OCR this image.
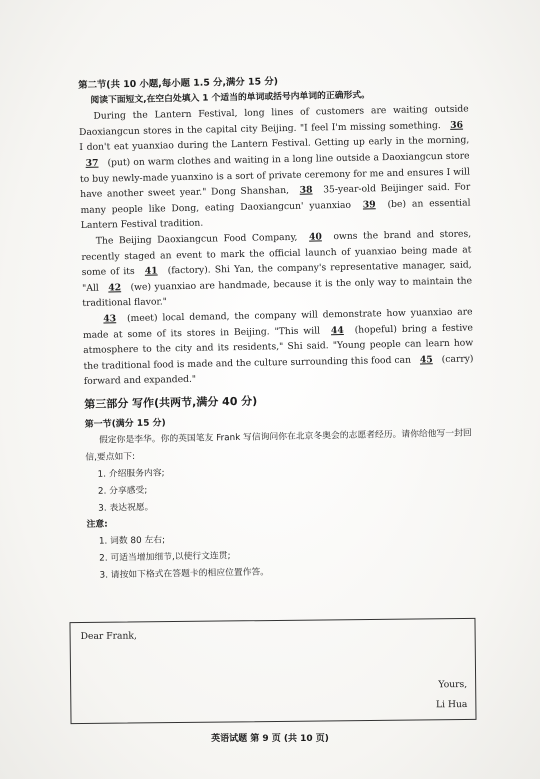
第二节(共 10 小题,每小题 1.5 分,满分 15 分)
阅读下面短文,在空白处填入 1 个适当的单词或括号内单词的正确形式。

During the Lantern Festival, long lines of customers are waiting outside Daoxiangcun stores in the capital city Beijing. "I feel I'm missing something. 36 I don't eat yuanxiao during the Lantern Festival. Getting up early in the morning, 37 (put) on warm clothes and waiting in a long line outside a Daoxiangcun store to buy newly-made yuanxino is a sort of private ceremony for me and ensures I will have another sweet year." Dong Shanshan, 38 35-year-old Beijinger said. For many people like Dong, eating Daoxiangcun' yuanxiao 39 (be) an essential Lantern Festival tradition.

The Beijing Daoxiangcun Food Company, 40 owns the brand and stores, recently staged an event to mark the official launch of yuanxiao being made at some of its 41 (factory). Shi Yan, the company's representative manager, said, "All 42 (we) yuanxiao are handmade, because it is the only way to maintain the traditional flavor."

43 (meet) local demand, the company will demonstrate how yuanxiao are made at some of its stores in Beijing. "This will 44 (hopeful) bring a festive atmosphere to the city and its residents," Shi said. "Young people can learn how the traditional food is made and the culture surrounding this food can 45 (carry) forward and expanded."

第三部分 写作(共两节,满分 40 分)
第一节(满分 15 分)
假定你是李华。你的英国笔友 Frank 写信询问你在北京冬奥会的志愿者经历。请你给他写一封回信,要点如下:
1. 介绍服务内容;
2. 分享感受;
3. 表达祝愿。
注意:
1. 词数 80 左右;
2. 可适当增加细节,以使行文连贯;
3. 请按如下格式在答题卡的相应位置作答。
Dear Frank,
Yours,
Li Hua
英语试题 第 9 页 (共 10 页)
